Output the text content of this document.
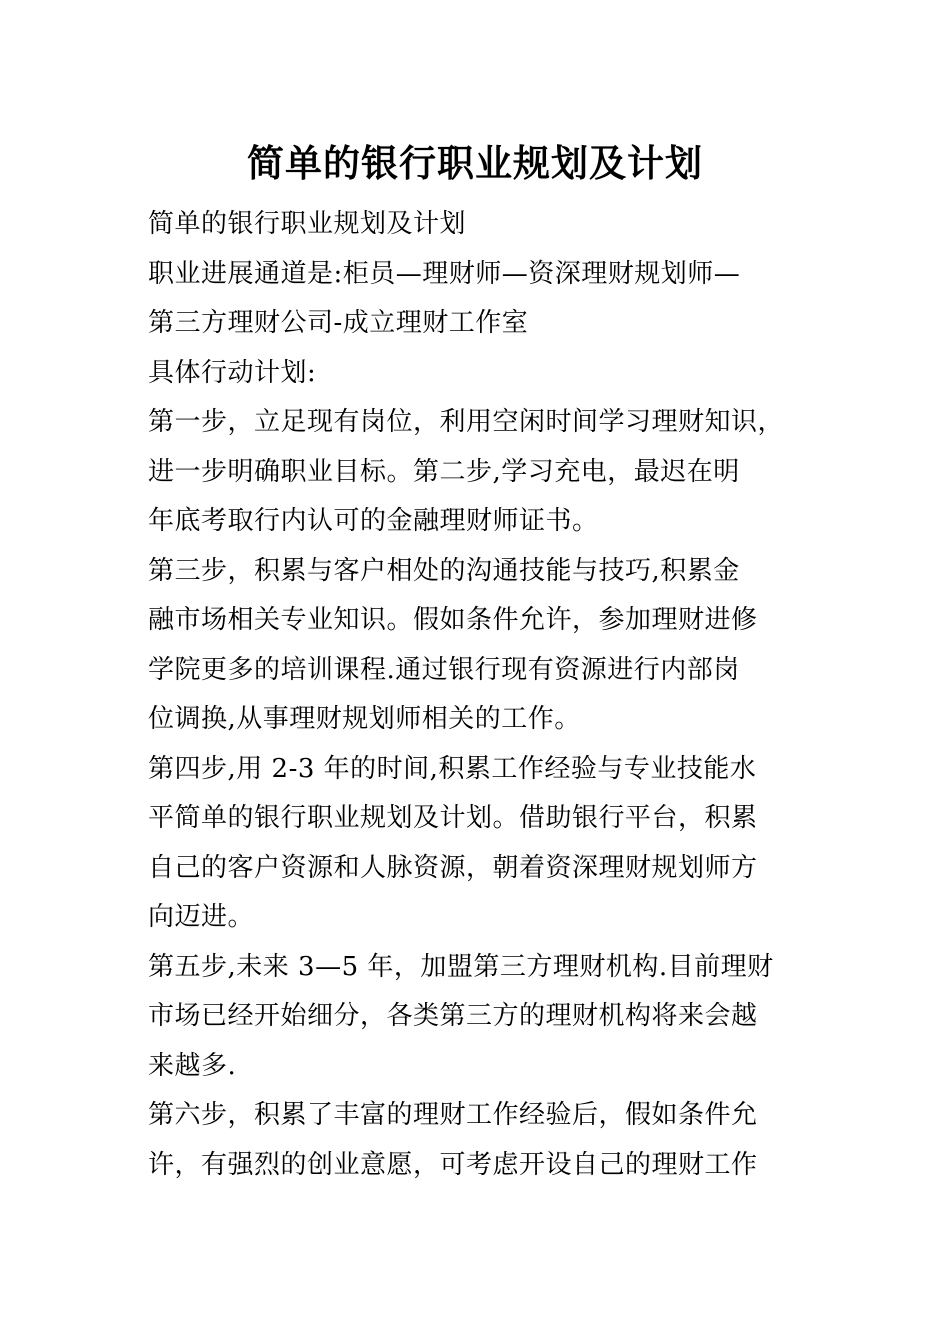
简单的银行职业规划及计划
简单的银行职业规划及计划
职业进展通道是:柜员—理财师—资深理财规划师—
第三方理财公司-成立理财工作室
具体行动计划:
第一步，立足现有岗位，利用空闲时间学习理财知识，
进一步明确职业目标。第二步,学习充电，最迟在明
年底考取行内认可的金融理财师证书。
第三步，积累与客户相处的沟通技能与技巧,积累金
融市场相关专业知识。假如条件允许，参加理财进修
学院更多的培训课程.通过银行现有资源进行内部岗
位调换,从事理财规划师相关的工作。
第四步,用 2-3 年的时间,积累工作经验与专业技能水
平简单的银行职业规划及计划。借助银行平台，积累
自己的客户资源和人脉资源，朝着资深理财规划师方
向迈进。
第五步,未来 3—5 年，加盟第三方理财机构.目前理财
市场已经开始细分，各类第三方的理财机构将来会越
来越多.
第六步，积累了丰富的理财工作经验后，假如条件允
许，有强烈的创业意愿，可考虑开设自己的理财工作
